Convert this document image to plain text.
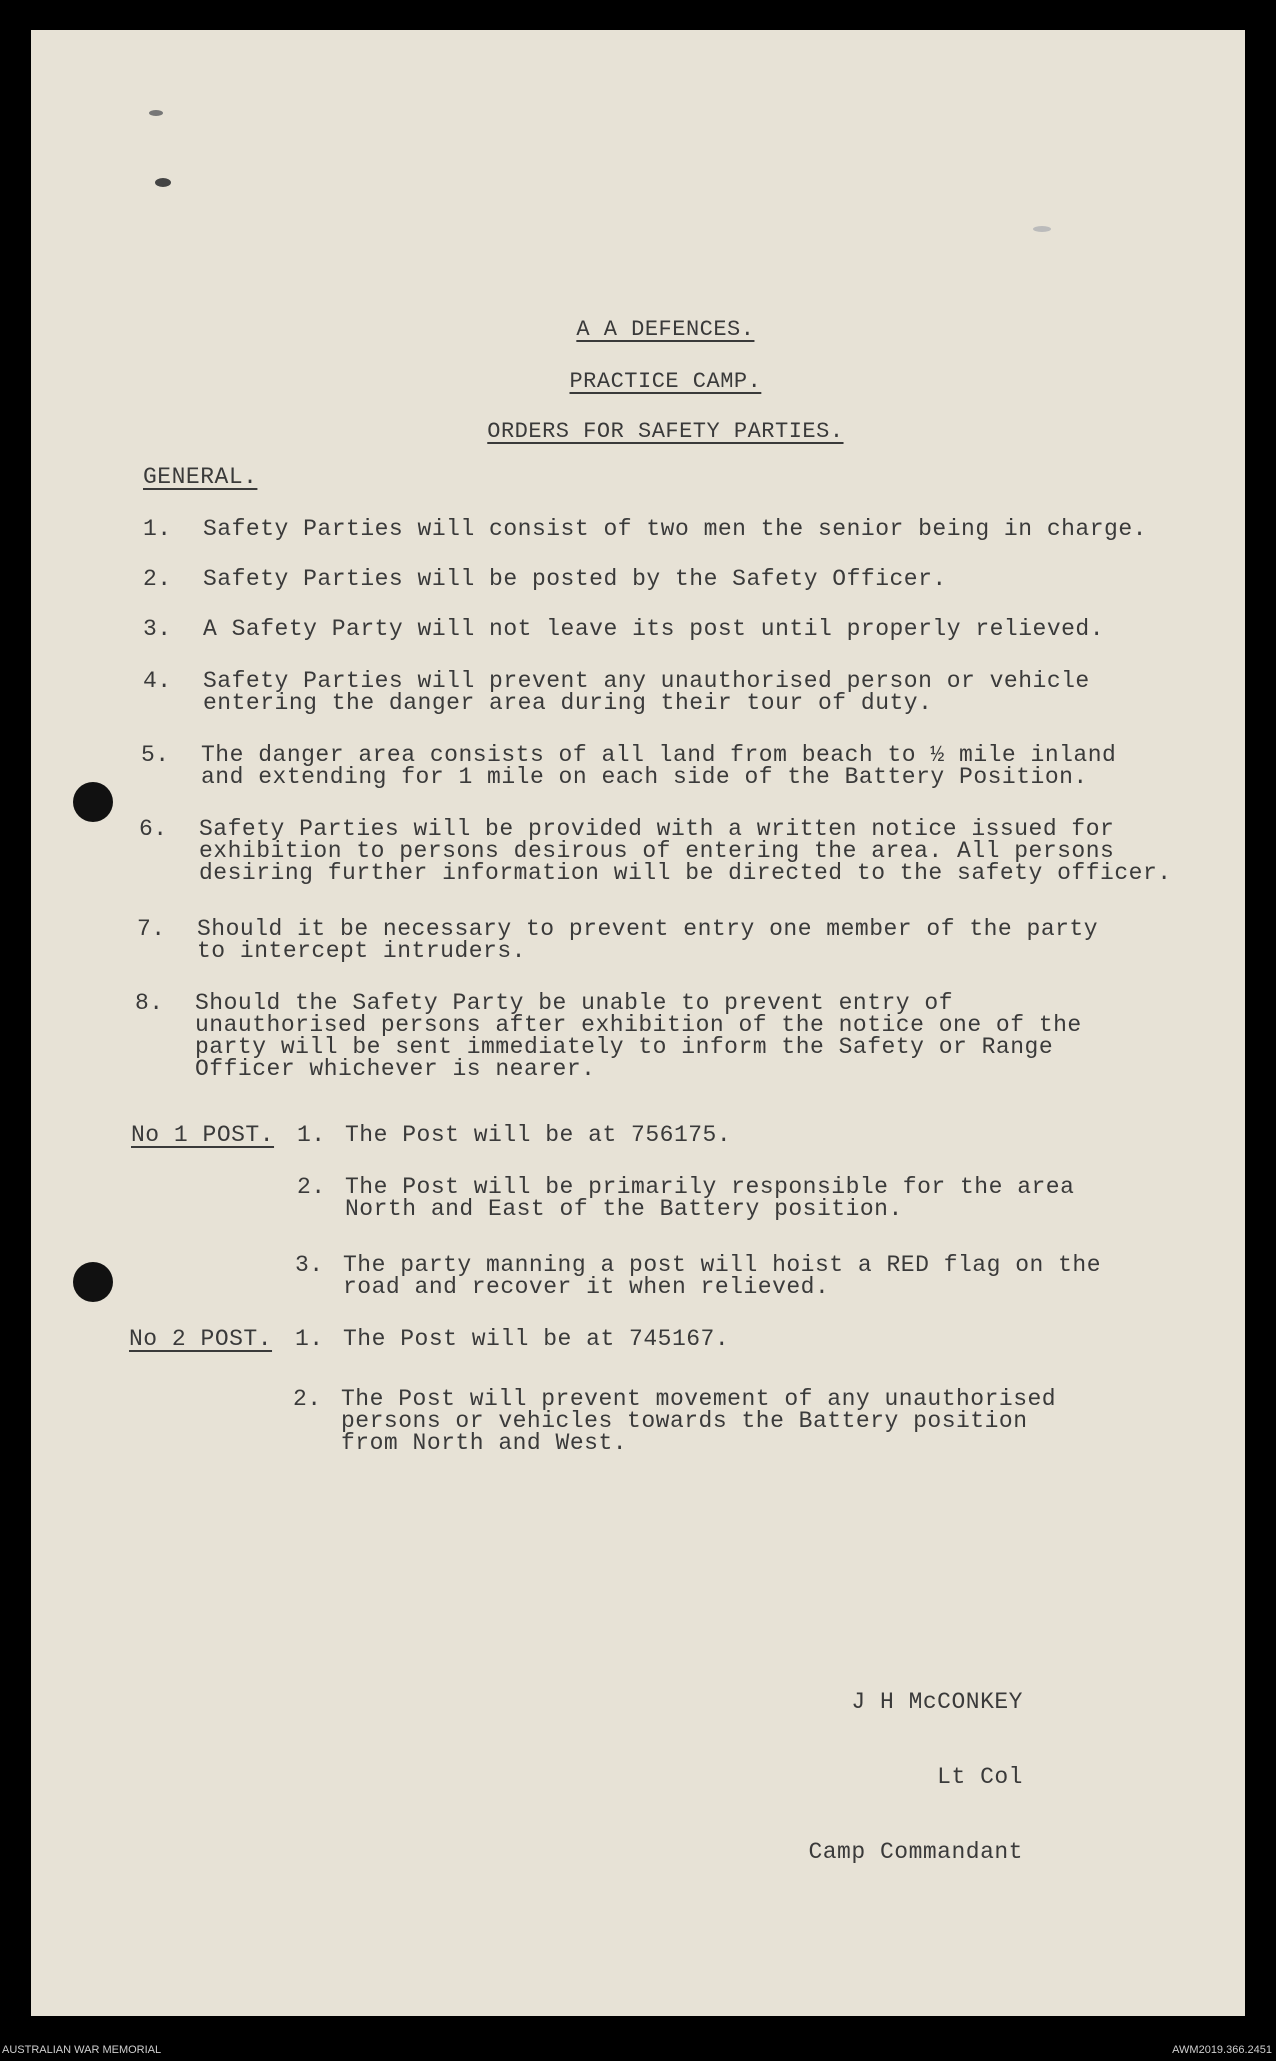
A A DEFENCES.

PRACTICE CAMP.

ORDERS FOR SAFETY PARTIES.

GENERAL.

1.

Safety Parties will consist of two men the senior being in charge.

2.

Safety Parties will be posted by the Safety Officer.

3.

A Safety Party will not leave its post until properly relieved.

4.

Safety Parties will prevent any unauthorised person or vehicle
entering the danger area during their tour of duty.

5.

The danger area consists of all land from beach to ½ mile inland
and extending for 1 mile on each side of the Battery Position.

6.

Safety Parties will be provided with a written notice issued for
exhibition to persons desirous of entering the area. All persons
desiring further information will be directed to the safety officer.

7.

Should it be necessary to prevent entry one member of the party
to intercept intruders.

8.

Should the Safety Party be unable to prevent entry of
unauthorised persons after exhibition of the notice one of the
party will be sent immediately to inform the Safety or Range
Officer whichever is nearer.

No 1 POST.

1.

The Post will be at 756175.

2.

The Post will be primarily responsible for the area
North and East of the Battery position.

3.

The party manning a post will hoist a RED flag on the
road and recover it when relieved.

No 2 POST.

1.

The Post will be at 745167.

2.

The Post will prevent movement of any unauthorised
persons or vehicles towards the Battery position
from North and West.

J H McCONKEY

Lt Col

Camp Commandant

AUSTRALIAN WAR MEMORIAL	AWM2019.366.2451
